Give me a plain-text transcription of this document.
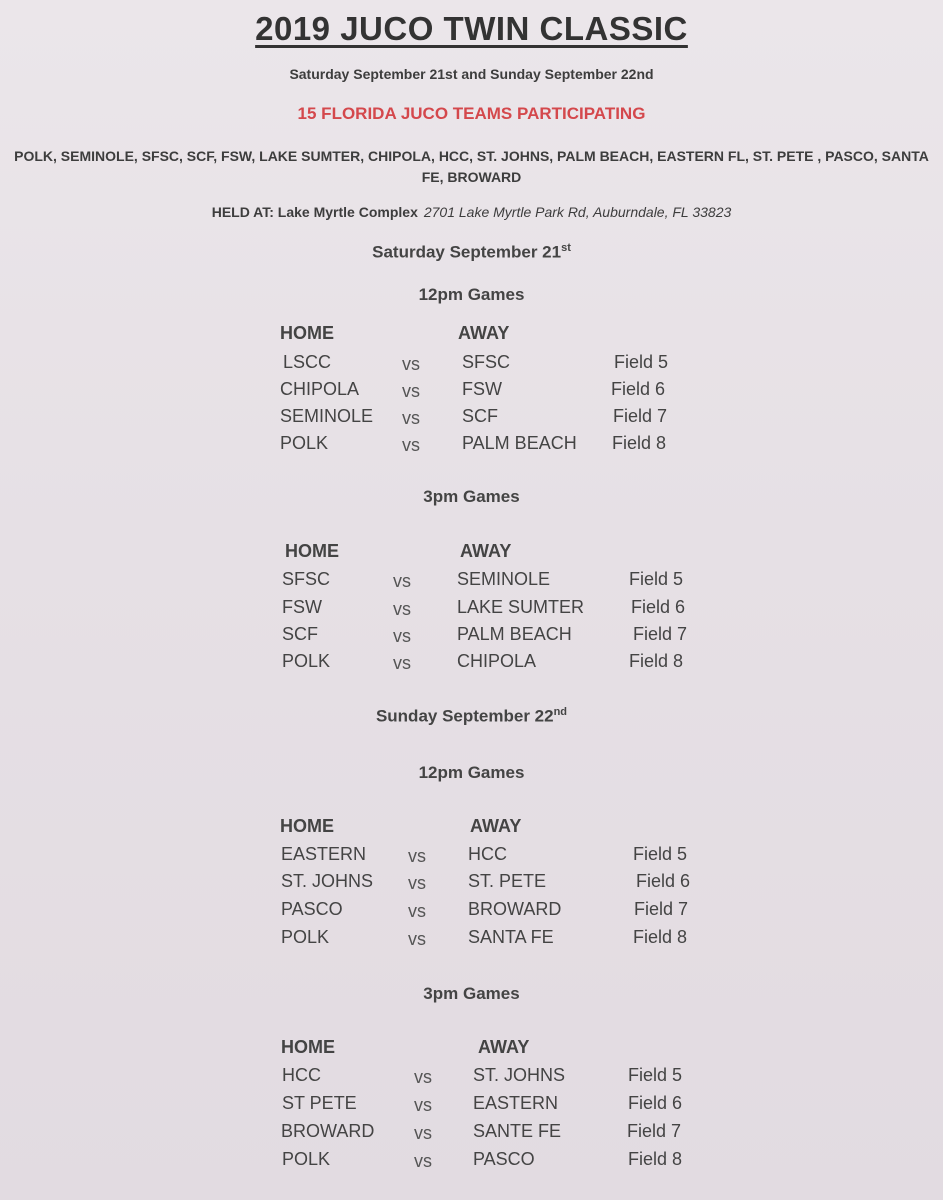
2019 JUCO TWIN CLASSIC
Saturday September 21st and Sunday September 22nd
15 FLORIDA JUCO TEAMS PARTICIPATING
POLK, SEMINOLE, SFSC, SCF, FSW, LAKE SUMTER, CHIPOLA, HCC, ST. JOHNS, PALM BEACH, EASTERN FL, ST. PETE , PASCO, SANTA
FE, BROWARD
HELD AT: Lake Myrtle Complex 2701 Lake Myrtle Park Rd, Auburndale, FL 33823
Saturday September 21st
12pm Games
HOME	AWAY
LSCC	vs SFSC	Field 5
CHIPOLA vs FSW	Field 6
SEMINOLE vs SCF	Field 7
POLK	vs PALM BEACH Field 8
3pm Games
HOME	AWAY
SFSC	vs	SEMINOLE	Field 5
FSW	vs	LAKE SUMTER	Field 6
SCF	vs	PALM BEACH	Field 7
POLK	vs	CHIPOLA	Field 8
Sunday September 22nd
12pm Games
HOME	AWAY
EASTERN vs HCC	Field 5
ST. JOHNS vs ST. PETE	Field 6
PASCO	vs BROWARD	Field 7
POLK	vs SANTA FE	Field 8
3pm Games
HOME	AWAY
HCC	vs ST. JOHNS	Field 5
ST PETE	vs EASTERN	Field 6
BROWARD vs SANTE FE	Field 7
POLK	vs PASCO	Field 8
